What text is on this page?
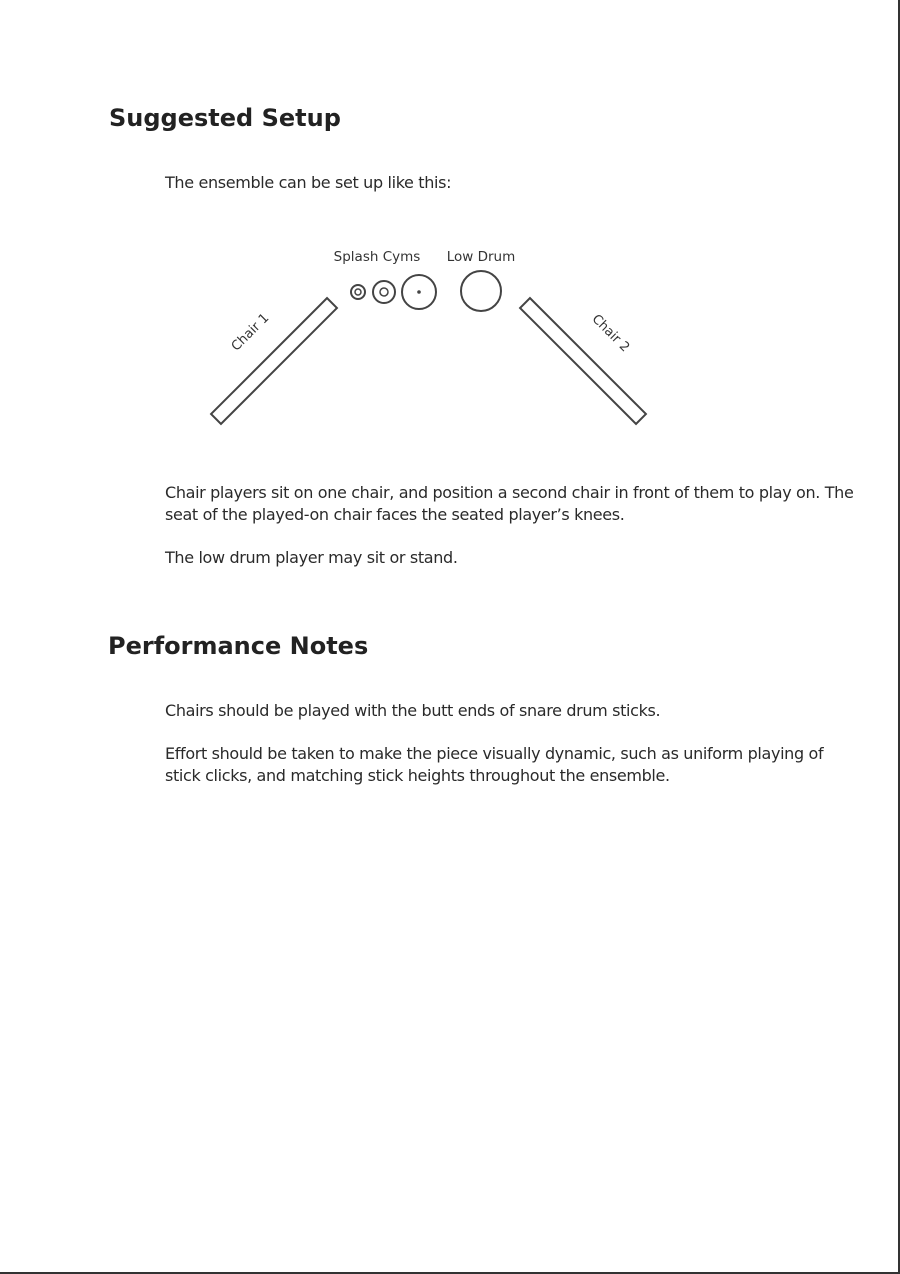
Suggested Setup

The ensemble can be set up like this:

Splash Cyms Low Drum
Chair 1	Chair 2

Chair players sit on one chair, and position a second chair in front of them to play on. The seat of the played-on chair faces the seated player’s knees.

The low drum player may sit or stand.

Performance Notes

Chairs should be played with the butt ends of snare drum sticks.

Effort should be taken to make the piece visually dynamic, such as uniform playing of stick clicks, and matching stick heights throughout the ensemble.
